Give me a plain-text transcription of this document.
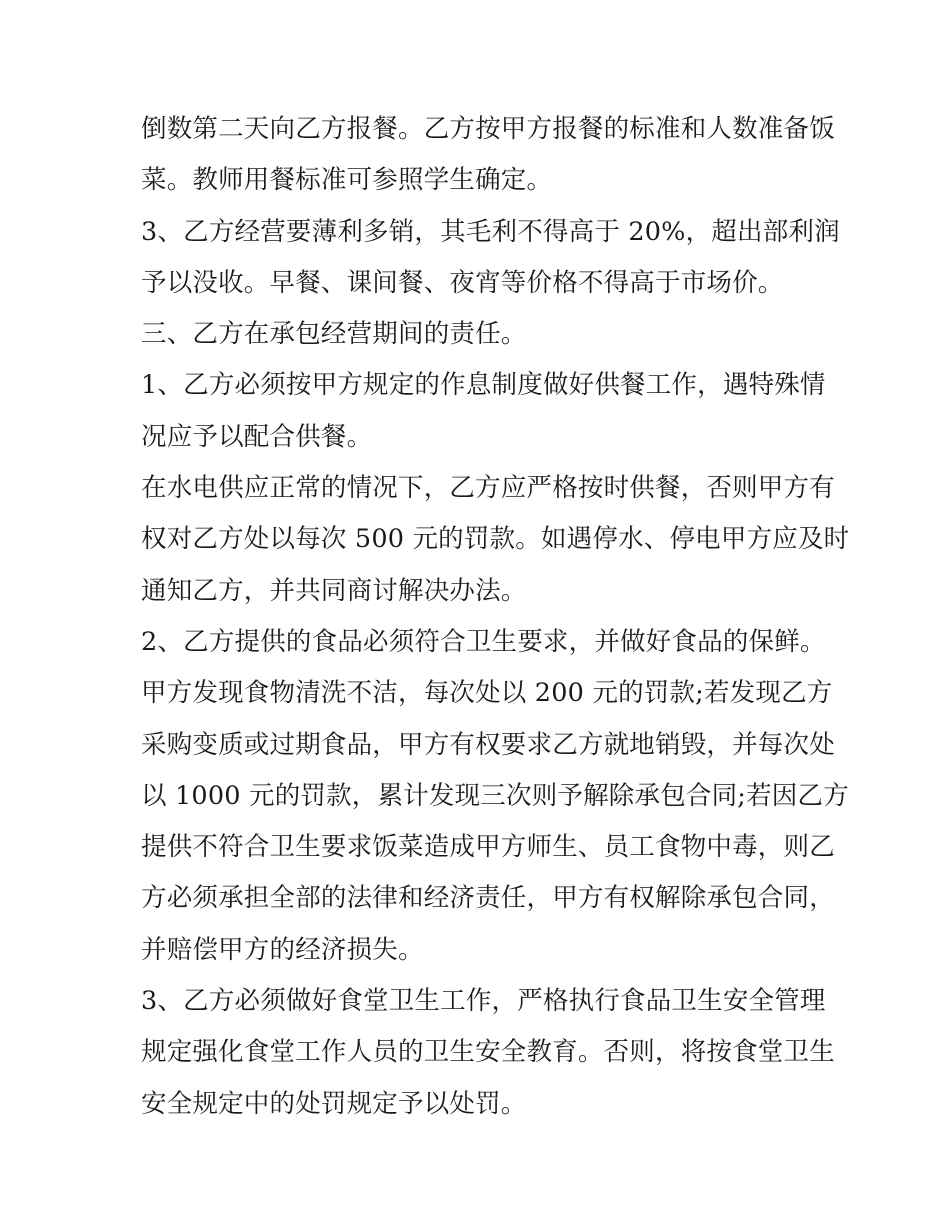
倒数第二天向乙方报餐。乙方按甲方报餐的标准和人数准备饭
菜。教师用餐标准可参照学生确定。
3、乙方经营要薄利多销，其毛利不得高于 20%，超出部利润
予以没收。早餐、课间餐、夜宵等价格不得高于市场价。
三、乙方在承包经营期间的责任。
1、乙方必须按甲方规定的作息制度做好供餐工作，遇特殊情
况应予以配合供餐。
在水电供应正常的情况下，乙方应严格按时供餐，否则甲方有
权对乙方处以每次 500 元的罚款。如遇停水、停电甲方应及时
通知乙方，并共同商讨解决办法。
2、乙方提供的食品必须符合卫生要求，并做好食品的保鲜。
甲方发现食物清洗不洁，每次处以 200 元的罚款;若发现乙方
采购变质或过期食品，甲方有权要求乙方就地销毁，并每次处
以 1000 元的罚款，累计发现三次则予解除承包合同;若因乙方
提供不符合卫生要求饭菜造成甲方师生、员工食物中毒，则乙
方必须承担全部的法律和经济责任，甲方有权解除承包合同，
并赔偿甲方的经济损失。
3、乙方必须做好食堂卫生工作，严格执行食品卫生安全管理
规定强化食堂工作人员的卫生安全教育。否则，将按食堂卫生
安全规定中的处罚规定予以处罚。
